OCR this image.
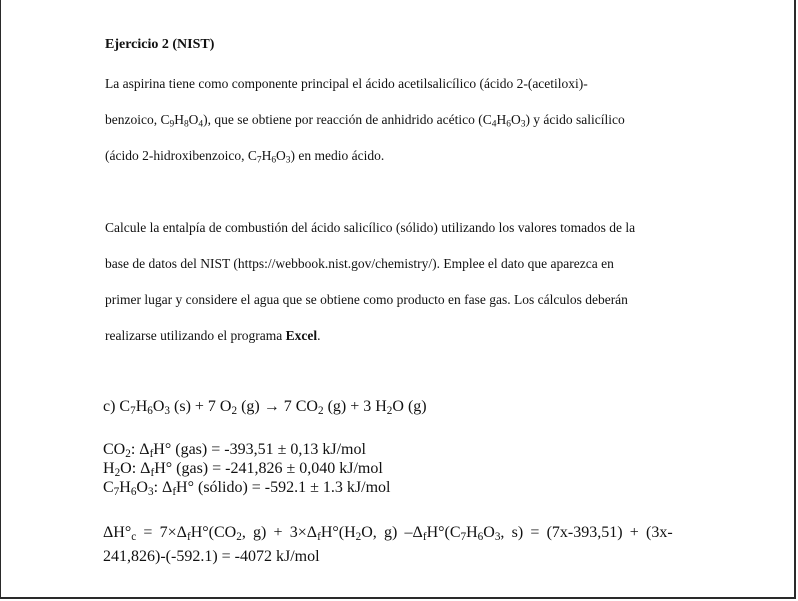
Ejercicio 2 (NIST)

La aspirina tiene como componente principal el ácido acetilsalicílico (ácido 2-(acetiloxi)-
benzoico, $C_9H_8O_4$), que se obtiene por reacción de anhidrido acético $(C_4H_6O_3)$ y ácido salicílico
(ácido 2-hidroxibenzoico, $C_7H_6O_3$) en medio ácido.

Calcule la entalpía de combustión del ácido salicílico (sólido) utilizando los valores tomados de la
base de datos del NIST (https://webbook.nist.gov/chemistry/). Emplee el dato que aparezca en
primer lugar y considere el agua que se obtiene como producto en fase gas. Los cálculos deberán
realizarse utilizando el programa Excel.

c) $C_7H_6O_3$ (s) + 7 $O_2$ (g) → 7 $CO_2$ (g) + 3 $H_2O$ (g)
$CO_2$: $\Delta_fH^\circ$ (gas) = -393,51 ± 0,13 kJ/mol
$H_2O$: $\Delta_fH^\circ$ (gas) = -241,826 ± 0,040 kJ/mol
$C_7H_6O_3$: $\Delta_fH^\circ$ (sólido) = -592.1 ± 1.3 kJ/mol
$\Delta H^\circ_c = 7\times\Delta_fH^\circ(CO_2$, $g) + 3\times\Delta_fH^\circ(H_2O$, g) $-\Delta_fH^\circ(C_7H_6O_3$, s) = (7x-393,51) + (3x-
241,826)-(-592.1) = -4072 kJ/mol
